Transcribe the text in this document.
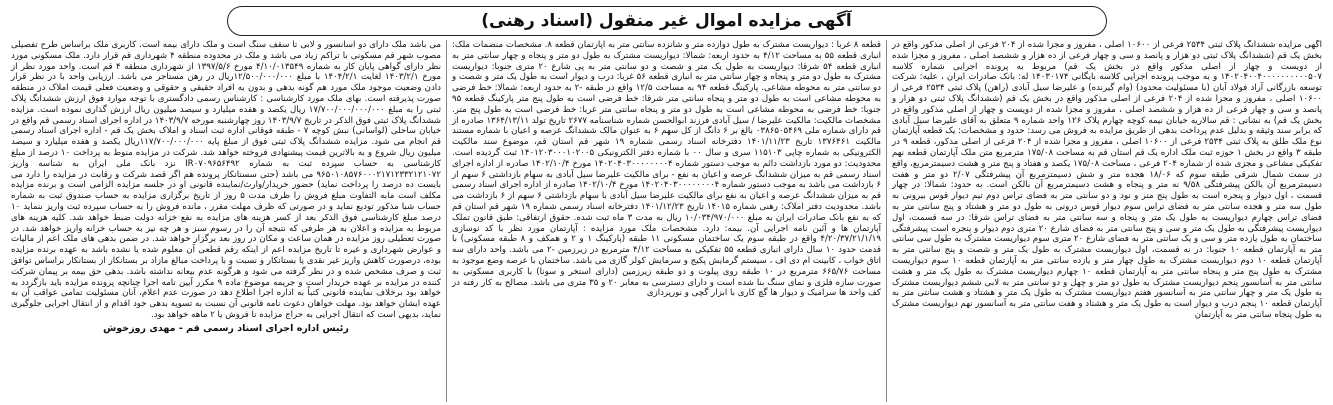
آگهی مزایده اموال غیر منقول (اسناد رهنی)
آگهی مزایده ششدانگ پلاک ثبتی ۲۵۳۴ فرعی از ۱۰۶۰۰ اصلی ، مفروز و مجزا شده از ۲۰۴ فرعی از اصلی مذکور واقع در بخش یک قم (ششدانگ پلاک ثبتی دو هزار و پانصد و سی و چهار فرعی از ده هزار و ششصد اصلی ، مفروز و مجزا شده از دویست و چهار از اصلی مذکور واقع در بخش یک قم) مربوط به پرونده اجرایی شماره کلاسه ۱۴۰۲۰۴۰۰۴۰۰۰۰۰۰۰۰۰۰۵۰۷ و به موجب پرونده اجرایی کلاسه بایگانی ۱۴۰۳۰۱۷۴ له: بانک صادرات ایران ، علیه: شرکت توسعه بازرگانی آراد فولاد آبان (با مسئولیت محدود) (وام گیرنده) و علیرضا سیل آبادی (راهن) پلاک ثبتی ۲۵۳۴ فرعی از ۱۰۶۰۰ اصلی ، مفروز و مجزا شده از ۲۰۴ فرعی از اصلی مذکور واقع در بخش یک قم (ششدانگ پلاک ثبتی دو هزار و پانصد و سی و چهار فرعی از ده هزار و ششصد اصلی ، مفروز و مجزا شده از دویست و چهار از اصلی مذکور واقع در بخش یک قم) به نشانی : قم سالاریه خیابان نیمه کوچه چهارم پلاک ۱۲۶ واحد شماره ۹ متعلق به آقای علیرضا سیل آبادی که برابر سند وثیقه و بدلیل عدم پرداخت بدهی از طریق مزایده به فروش می رسد: حدود و مشخصات: یک قطعه آپارتمان نوع ملک طلق به پلاک ثبتی ۲۵۳۴ فرعی از ۱۰۶۰۰ اصلی ، مفروز و مجزا شده از ۲۰۴ فرعی از اصلی مذکور، قطعه ۹ در طبقه ۳ واقع در بخش ۱ حوزه ثبت ملک اداره یک قم استان قم به مساحت ۱۷۵/۰۸ مترمربع متن ملک آپارتمان قطعه نهم تفکیکی مشاعی و مجزی شده از شماره ۲۰۴ فرعی ، مساحت ۱۷۵/۰۸ یکصد و هفتاد و پنج متر و هشت دسیمترمربع، واقع در سمت شمال شرقی طبقه سوم که ۱۸/۰۶ هجده متر و شش دسیمترمربع آن پیشرفتگی ۲/۰۷ دو متر و هفت دسیمترمربع آن بالکن پیشرفتگی ۹/۵۸ نه متر و پنجاه و هشت دسیمترمربع آن بالکن است. به حدود: شمالا: در چهار قسمت ، اول دیوار و پنجره است به طول پنج متر و نود و دو سانتی متر به فضای تراس دوم تیم دیوار قوس بیرونی به طول سه متر و هجده سانتی متر به فضای تراس سوم دیوار قوس درونی به طول دو متر و هشتاد و پنج سانتی متر به فضای تراس چهارم دیواریست به طول یک متر و پنجاه و سه سانتی متر به فضای تراس شرقا: در سه قسمت، اول دیواریست پیشرفتگی به طول یک متر و سی و پنج سانتی متر به فضای شارع ۲۰ متری دوم دیوار و پنجره است پیشرفتگی ساختمان به طول یازده متر و سی و یک سانتی متر به فضای شارع ۲۰ متری سوم دیواریست مشترک به طول سی سانتی متر به آپارتمان قطعه ۱۰ جنوبا: در نه قسمت، اول دیواریست مشترک به طول یک متر و شصت و پنج سانتی متر به آپارتمان قطعه ۱۰ دوم دیواریست مشترک به طول چهار متر و یازده سانتی متر به آپارتمان قطعه ۱۰ سوم دیواریست مشترک به طول پنج متر و پنجاه سانتی متر به آپارتمان قطعه ۱۰ چهارم دیواریست مشترک به طول یک متر و هشت سانتی متر به آسانسور پنجم دیواریست مشترک به طول دو متر و چهل و دو سانتی متر به لابی ششم دیواریست مشترک به طول یک متر و چهار سانتی متر به آسانسور هفتم دیواریست مشترک به طول یک متر و هشتاد و هشت سانتی متر به آپارتمان قطعه ۱۰ پنجم درب و دیوار است به طول یک متر و هشتاد و هفت سانتی متر به آسانسور نهم دیواریست مشترک به طول پنجاه سانتی متر به آپارتمان
قطعه ۸ غربا : دیواریست مشترک به طول دوازده متر و شانزده سانتی متر به آپارتمان قطعه ۸. مشخصات منضمات ملک: انباری قطعه ۵۵ به مساحت ۴/۱۲ به حدود اربعه: شمالا: دیواریست مشترک به طول دو متر و پنجاه و چهار سانتی متر به انباری قطعه ۵۴ شرقا: دیواریست به طول یک متر و شصت و دو سانتی متر به پی شارع ۲۰ متری جنوبا: دیواریست مشترک به طول دو متر و پنجاه و چهار سانتی متر به انباری قطعه ۵۶ غربا: درب و دیوار است به طول یک متر و شصت و دو سانتی متر به محوطه مشاعی. پارکینگ قطعه ۹۴ به مساحت ۱۲/۵ واقع در طبقه -۲ به حدود اربعه: شمالا: خط فرضی به محوطه مشاعی است به طول دو متر و پنجاه سانتی متر شرقا: خط فرضی است به طول پنج متر پارکینگ قطعه ۹۵ جنوبا: خط فرضی به محوطه مشاعی است به طول دو متر و پنجاه سانتی متر غربا: خط فرضی است به طول پنج متر. مشخصات مالکیت: مالکیت علیرضا / سیل آبادی فرزند ابوالحسن شماره شناسنامه ۲۶۷۷ تاریخ تولد ۱۳۶۴/۱۳/۱۱ صادره از قم دارای شماره ملی ۰۳۸۶۵۰۵۴۶۹ بالغ بر ۶ دانگ از کل سهم ۶ به عنوان مالک ششدانگ عرصه و اعیان با شماره مستند مالکیت ۱۳۷۶۴۶۱ تاریخ ۱۴۰۱/۱۱/۲۳ دفترخانه اسناد رسمی شماره ۱۹ شهر قم استان قم، موضوع سند مالکیت الکترونیکی به شماره چاپی ۱۱۵۱۰۳ سری و سال ۰۰ با شماره دفتر الکترونیکی ۱۴۰۱۲۰۳۰۰۰۱۰۲۰۰۵ ثبت گردیده است. محدودیت: دو مورد بازداشت دائم به موجب دستور شماره ۱۴۰۲۰۴۰۳۰۰۰۰۰۰۰۰۴ مورخ ۱۴۰۲/۱۰/۴ صادره از اداره اجرای اسناد رسمی قم به میزان ششدانگ عرصه و اعیان به نفع - برای مالکیت علیرضا سیل آبادی به سهام بازداشتی ۶ سهم از ۶ بازداشت می باشد به موجب دستور شماره ۱۴۰۲۰۴۰۳۰۰۰۰۰۰۰۰۴ مورخ ۱۴۰۲/۱۰/۴ صادره از اداره اجرای اسناد رسمی قم به میزان ششدانگ عرصه و اعیان به نفع برای مالکیت علیرضا سیل آبادی با سهام بازداشتی ۶ سهم از ۶ بازداشت می باشد. محدودیت دفتر املاک: رهنی شماره ۱۴۰۱۵ تاریخ ۱۴۰۱/۱۲/۲۳ دفترخانه اسناد رسمی شماره ۱۹ شهر قم استان قم که به نفع بانک صادرات ایران به مبلغ ۱۰/۰۳۴/۹۷۰/۰۰۰ ریال به مدت ۳ ماه ثبت شده. حقوق ارتفاقی: طبق قانون تملک آپارتمان ها و آئین نامه اجرایی آن. بیمه: دارد. مشخصات ملک مورد مزایده : آپارتمان مورد نظر با کد نوسازی ۴/۲۰/۳۷/۲۱/۱/۱۹ واقع در طبقه سوم یک ساختمان مسکونی ۱۱ طبقه (پارکینگ ۱ و ۲ و همکف و ۸ طبقه مسکونی) با قدمت حدود ۱۰ سال دارای انباری قطعه ۵۵ تفکیکی به مساحت ۴/۱۲ مترمربع در زیرزمین -۲ می باشد. واحد دارای سه اتاق خواب ، کابینت ام دی اف ، سیستم گرمایش پکیج و سرمایش کولر گازی می باشد. ساختمان با عرصه وضع موجود به مساحت ۶۶۵/۷۶ مترمربع در ۱۰ طبقه روی پیلوت و دو طبقه زیرزمین (دارای استخر و سونا) با کاربری مسکونی به صورت سازه فلزی و نمای سنگ بنا شده است و دارای دسترسی به معابر ۲۰ و ۳۵ متری می باشد. مصالح به کار رفته در کف واحد ها سرامیک و دیوار ها گچ کاری با ابزار گچی و نورپردازی
می باشد ملک دارای دو آسانسور و لابی تا سقف سنگ است و ملک دارای بیمه است. کاربری ملک براساس طرح تفصیلی مصوب شهر قم مسکونی با تراکم زیاد می باشد و ملک در محدوده منطقه ۴ شهرداری قم قرار دارد. ملک مسکونی مورد نظر دارای گواهی پایان کار به شماره ۴/۱۰/۰۱۳۵۴۹ مورخ ۱۳۹۷/۵/۶ از شهرداری منطقه ۴ قم است. واحد مورد نظر از مورخ ۱۴۰۳/۲/۱ لغایت ۱۴۰۴/۲/۱ با مبلغ ۱۲/۵۰۰/۰۰۰/۰۰۰ریال در رهن مستاجر می باشد. ارزیابی واحد با در نظر قرار دادن وضعیت موجود ملک مورد هم گونه بدهی و بدون به افراد حقیقی و حقوقی و وضعیت فعلی قیمت املاک در منطقه صورت پذیرفته است. بهای ملک مورد کارشناسی : کارشناس رسمی دادگستری با توجه موارد فوق ارزش ششدانگ پلاک ثبتی را به مبلغ ۱۷/۷۰۰/۰۰۰/۰۰۰/۰۰۰ ریال یکصد و هفده میلیارد و سیصد میلیون ریال ارزش گذاری نموده است. مزایده ششدانگ پلاک ثبتی فوق الذکر در تاریخ ۱۴۰۳/۹/۷ روز چهارشنبه مورخه ۱۴۰۳/۹/۷ در اداره اجرای اسناد رسمی قم واقع در خیابان ساحلی (لواسانی) نبش کوچه ۷ - طبقه فوقانی اداره ثبت اسناد و املاک بخش یک قم - اداره اجرای اسناد رسمی قم انجام می شود. مزایده ششدانگ پلاک ثبتی فوق از مبلغ پایه ۱۱۷/۷۰۰/۰۰۰/۰۰۰ریال یکصد و هفده میلیارد و سیصد میلیون ریال شروع و به بالاترین قیمت پیشنهادی فروخته خواهد شد. شرکت در مزایده منوط به پرداخت ۱۰ درصد از مبلغ کارشناسی به حساب سپرده ثبت به شماره IR۰۷۰۹۶۵۶۴۹۲ نزد بانک ملی ایران به شناسه واریز ۹۶۵۰۱۰۸۵۷۶۰۰۰۲۱۷۱۲۳۳۲۱۲۱۰۷۲ می باشد (حتی سستانکار پرونده هم اگر قصد شرکت و رقابت در مزایده را دارد می بایست ده درصد را پرداخت نماید) حضور خریدار/وارث/نماینده قانونی او در جلسه مزایده الزامی است و برنده مزایده مکلف است مابه التفاوت مبلغ فروش را ظرف مدت ۵ روز از تاریخ برگزاری مزایده به حساب صندوق ثبت به شماره حساب شبا مذکور تودیع نماید و در صورتی که ظرف مهلت مقرر ، مانده فروش را به حساب سپرده ثبت واریز ننماید ۱۰ درصد مبلغ کارشناسی فوق الذکر بعد از کسر هزینه های مزایده به نفع خزانه دولت ضبط خواهد شد. کلیه هزینه های مربوط به مزایده و اعلان به هر طرفی که نتیجه آن را در رسوم سبز و هر چه نیز به حساب خزانه واریز خواهد شد. در صورت تعطیلی روز مزایده در همان ساعت و مکان در روز بعد برگزار خواهد شد. در ضمن بدهی های ملک اعم از مالیات و عوارض شهرداری و غیره تا تاریخ مزایده اعم از اینکه رقم قطعی آن معلوم شده یا نشده باشد به عهده برنده مزایده بوده، درصورت کاهش واریز غیر نقدی یا بستانکار و نسبت و با پرداخت مبالغ مازاد بر بستانکار از بستانکار براساس توافق ثبت و صرف مشخص شده و در نظر گرفته می شود و هرگونه عدم بیعانه نداشته باشد. بدهی حق بیمه بر پیمان شرکت کننده در مزایده بر عهده خریدار است و جریمه موضوع ماده ۹ مکرر آیین نامه اجرا چنانچه پرونده مزایده باید بازگردد به خواهد بود برخلاف نماینده قانونی کتباً به اداره اجرا اطلاع دهد در صورت عدم اعلام، آنان مسئولیت تمامی عواقب آن به عهده ایشان خواهد بود. مهلت خواهان دعوت نامه قانونی آن نسبت به تسویه بدهی خود اقدام و از انتقال اجرایی جلوگیری نماید، بدیهی است که انتقال اجرایی به حراج مزایده تا فروش یا ۲ ماهه خواهد بود.
رئیس اداره اجرای اسناد رسمی قم - مهدی روزخوش
